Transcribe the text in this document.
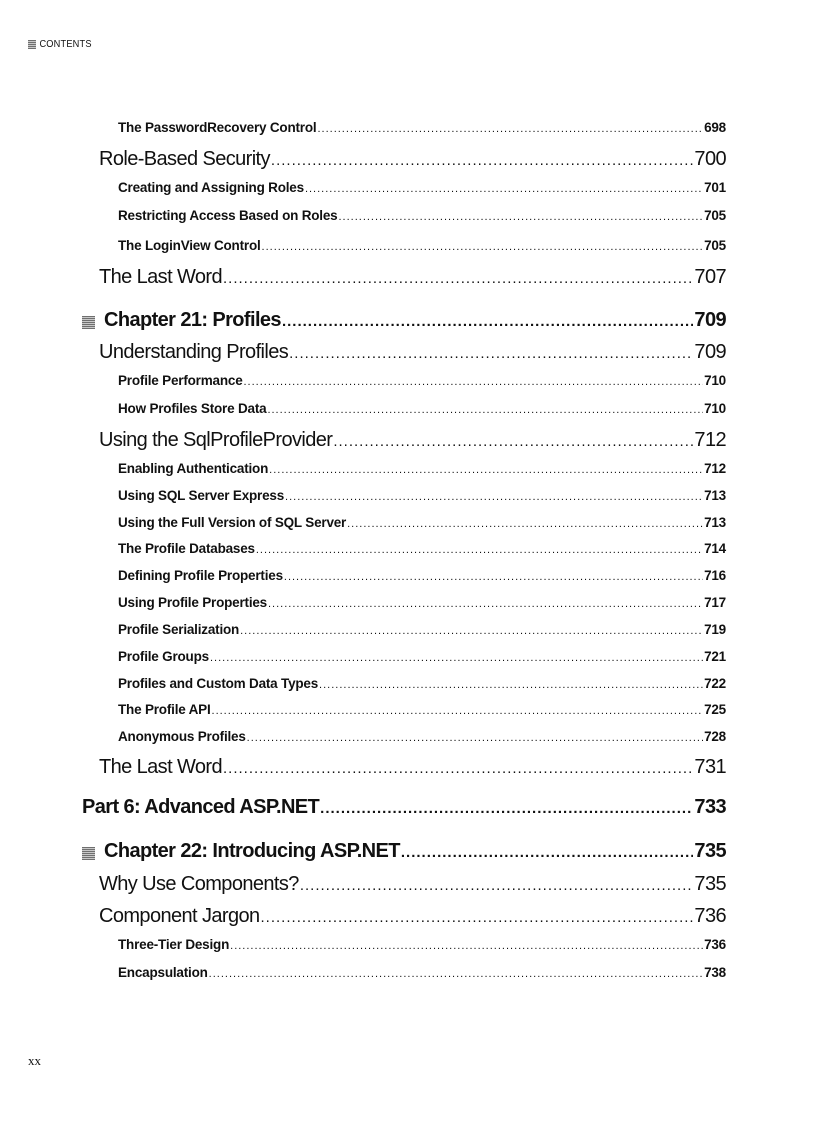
CONTENTS
The PasswordRecovery Control .....	698
Role-Based Security .....	700
Creating and Assigning Roles .....	701
Restricting Access Based on Roles .....	705
The LoginView Control .....	705
The Last Word .....	707
Chapter 21: Profiles .....	709
Understanding Profiles .....	709
Profile Performance .....	710
How Profiles Store Data .....	710
Using the SqlProfileProvider .....	712
Enabling Authentication .....	712
Using SQL Server Express .....	713
Using the Full Version of SQL Server .....	713
The Profile Databases .....	714
Defining Profile Properties .....	716
Using Profile Properties .....	717
Profile Serialization .....	719
Profile Groups .....	721
Profiles and Custom Data Types .....	722
The Profile API .....	725
Anonymous Profiles .....	728
The Last Word .....	731
Part 6: Advanced ASP.NET .....	733
Chapter 22: Introducing ASP.NET .....	735
Why Use Components? .....	735
Component Jargon .....	736
Three-Tier Design .....	736
Encapsulation .....	738
xx
